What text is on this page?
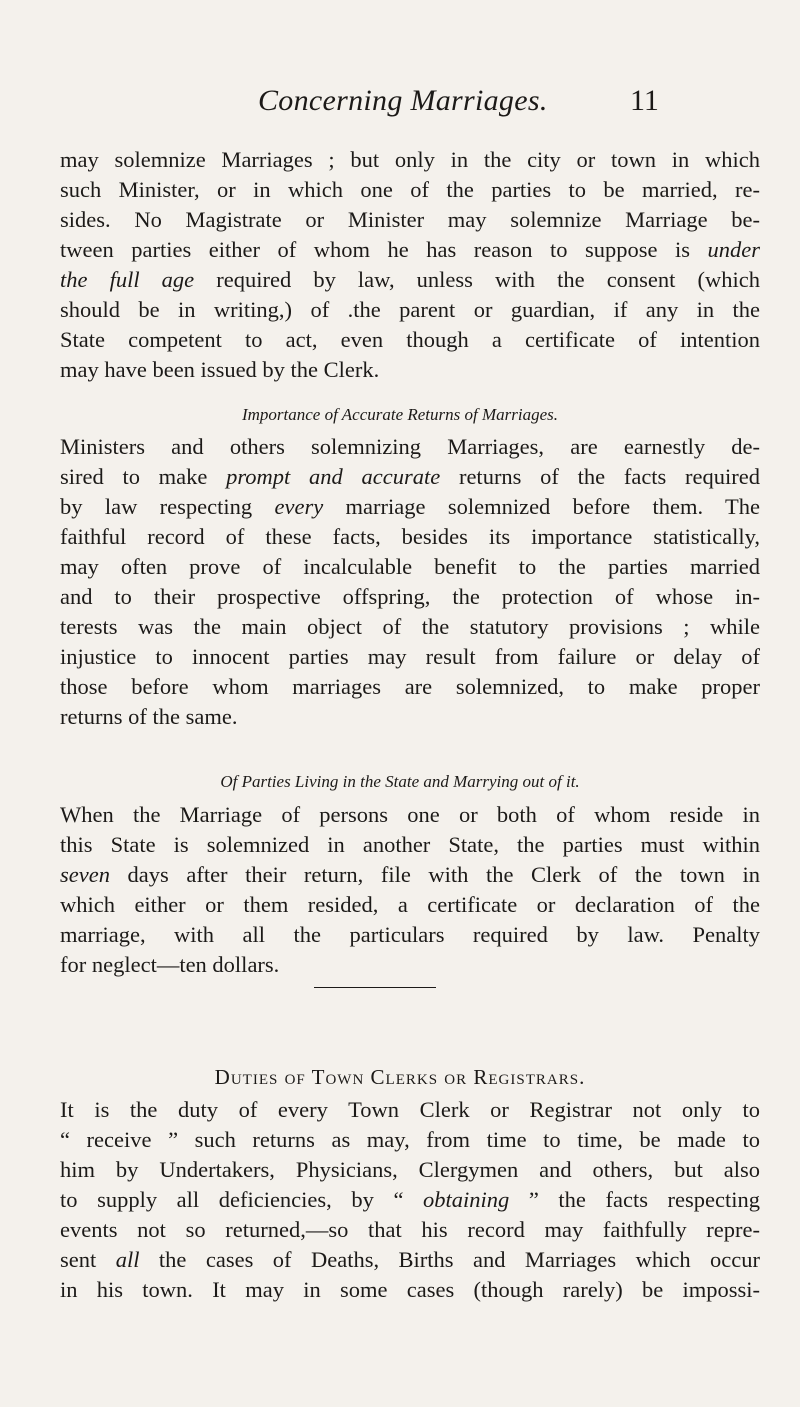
Concerning Marriages.	11
may solemnize Marriages ; but only in the city or town in which
such Minister, or in which one of the parties to be married, re-
sides. No Magistrate or Minister may solemnize Marriage be-
tween parties either of whom he has reason to suppose is under
the full age required by law, unless with the consent (which
should be in writing,) of .the parent or guardian, if any in the
State competent to act, even though a certificate of intention
may have been issued by the Clerk.
Importance of Accurate Returns of Marriages.
Ministers and others solemnizing Marriages, are earnestly de-
sired to make prompt and accurate returns of the facts required
by law respecting every marriage solemnized before them. The
faithful record of these facts, besides its importance statistically,
may often prove of incalculable benefit to the parties married
and to their prospective offspring, the protection of whose in-
terests was the main object of the statutory provisions ; while
injustice to innocent parties may result from failure or delay of
those before whom marriages are solemnized, to make proper
returns of the same.
Of Parties Living in the State and Marrying out of it.
When the Marriage of persons one or both of whom reside in
this State is solemnized in another State, the parties must within
seven days after their return, file with the Clerk of the town in
which either or them resided, a certificate or declaration of the
marriage, with all the particulars required by law. Penalty
for neglect—ten dollars.
Duties of Town Clerks or Registrars.
It is the duty of every Town Clerk or Registrar not only to
“ receive ” such returns as may, from time to time, be made to
him by Undertakers, Physicians, Clergymen and others, but also
to supply all deficiencies, by “ obtaining ” the facts respecting
events not so returned,—so that his record may faithfully repre-
sent all the cases of Deaths, Births and Marriages which occur
in his town. It may in some cases (though rarely) be impossi-
